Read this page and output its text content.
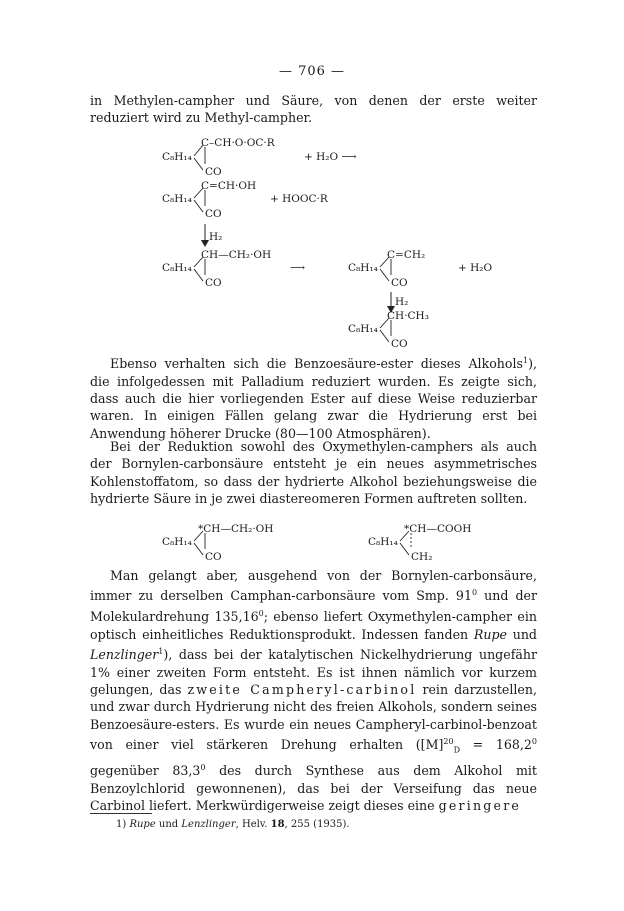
— 706 —

in Methylen-campher und Säure, von denen der erste weiter reduziert wird zu Methyl-campher.

C₈H₁₄
C–CH·O·OC·R
CO
+ H₂O ⟶
C₈H₁₄
C=CH·OH
CO
+ HOOC·R
H₂
C₈H₁₄
CH—CH₂·OH
CO
⟶	C₈H₁₄
C=CH₂
CO
+ H₂O
H₂
C₈H₁₄
CH·CH₃
CO
C₈H₁₄
*CH—CH₂·OH
CO
C₈H₁₄
*CH—COOH
CH₂

Ebenso verhalten sich die Benzoesäure-ester dieses Alkohols$^1$), die infolgedessen mit Palladium reduziert wurden. Es zeigte sich, dass auch die hier vorliegenden Ester auf diese Weise reduzierbar waren. In einigen Fällen gelang zwar die Hydrierung erst bei Anwendung höherer Drucke (80—100 Atmosphären).

Bei der Reduktion sowohl des Oxymethylen-camphers als auch der Bornylen-carbonsäure entsteht je ein neues asymmetrisches Kohlenstoffatom, so dass der hydrierte Alkohol beziehungsweise die hydrierte Säure in je zwei diastereomeren Formen auftreten sollten.

Man gelangt aber, ausgehend von der Bornylen-carbonsäure, immer zu derselben Camphan-carbonsäure vom Smp. $91^0$ und der Molekulardrehung 135,16$^0$; ebenso liefert Oxymethylen-campher ein optisch einheitliches Reduktionsprodukt. Indessen fanden Rupe und Lenzlinger$^1$), dass bei der katalytischen Nickelhydrierung ungefähr 1% einer zweiten Form entsteht. Es ist ihnen nämlich vor kurzem gelungen, das zweite Campheryl-carbinol rein darzustellen, und zwar durch Hydrierung nicht des freien Alkohols, sondern seines Benzoesäure-esters. Es wurde ein neues Campheryl-carbinol-benzoat von einer viel stärkeren Drehung erhalten ($[M]^{20}_D = 168,2^0$ gegenüber 83,3$^0$ des durch Synthese aus dem Alkohol mit Benzoylchlorid gewonnenen), das bei der Verseifung das neue Carbinol liefert. Merkwürdigerweise zeigt dieses eine geringere

1) Rupe und Lenzlinger, Helv. 18, 255 (1935).
